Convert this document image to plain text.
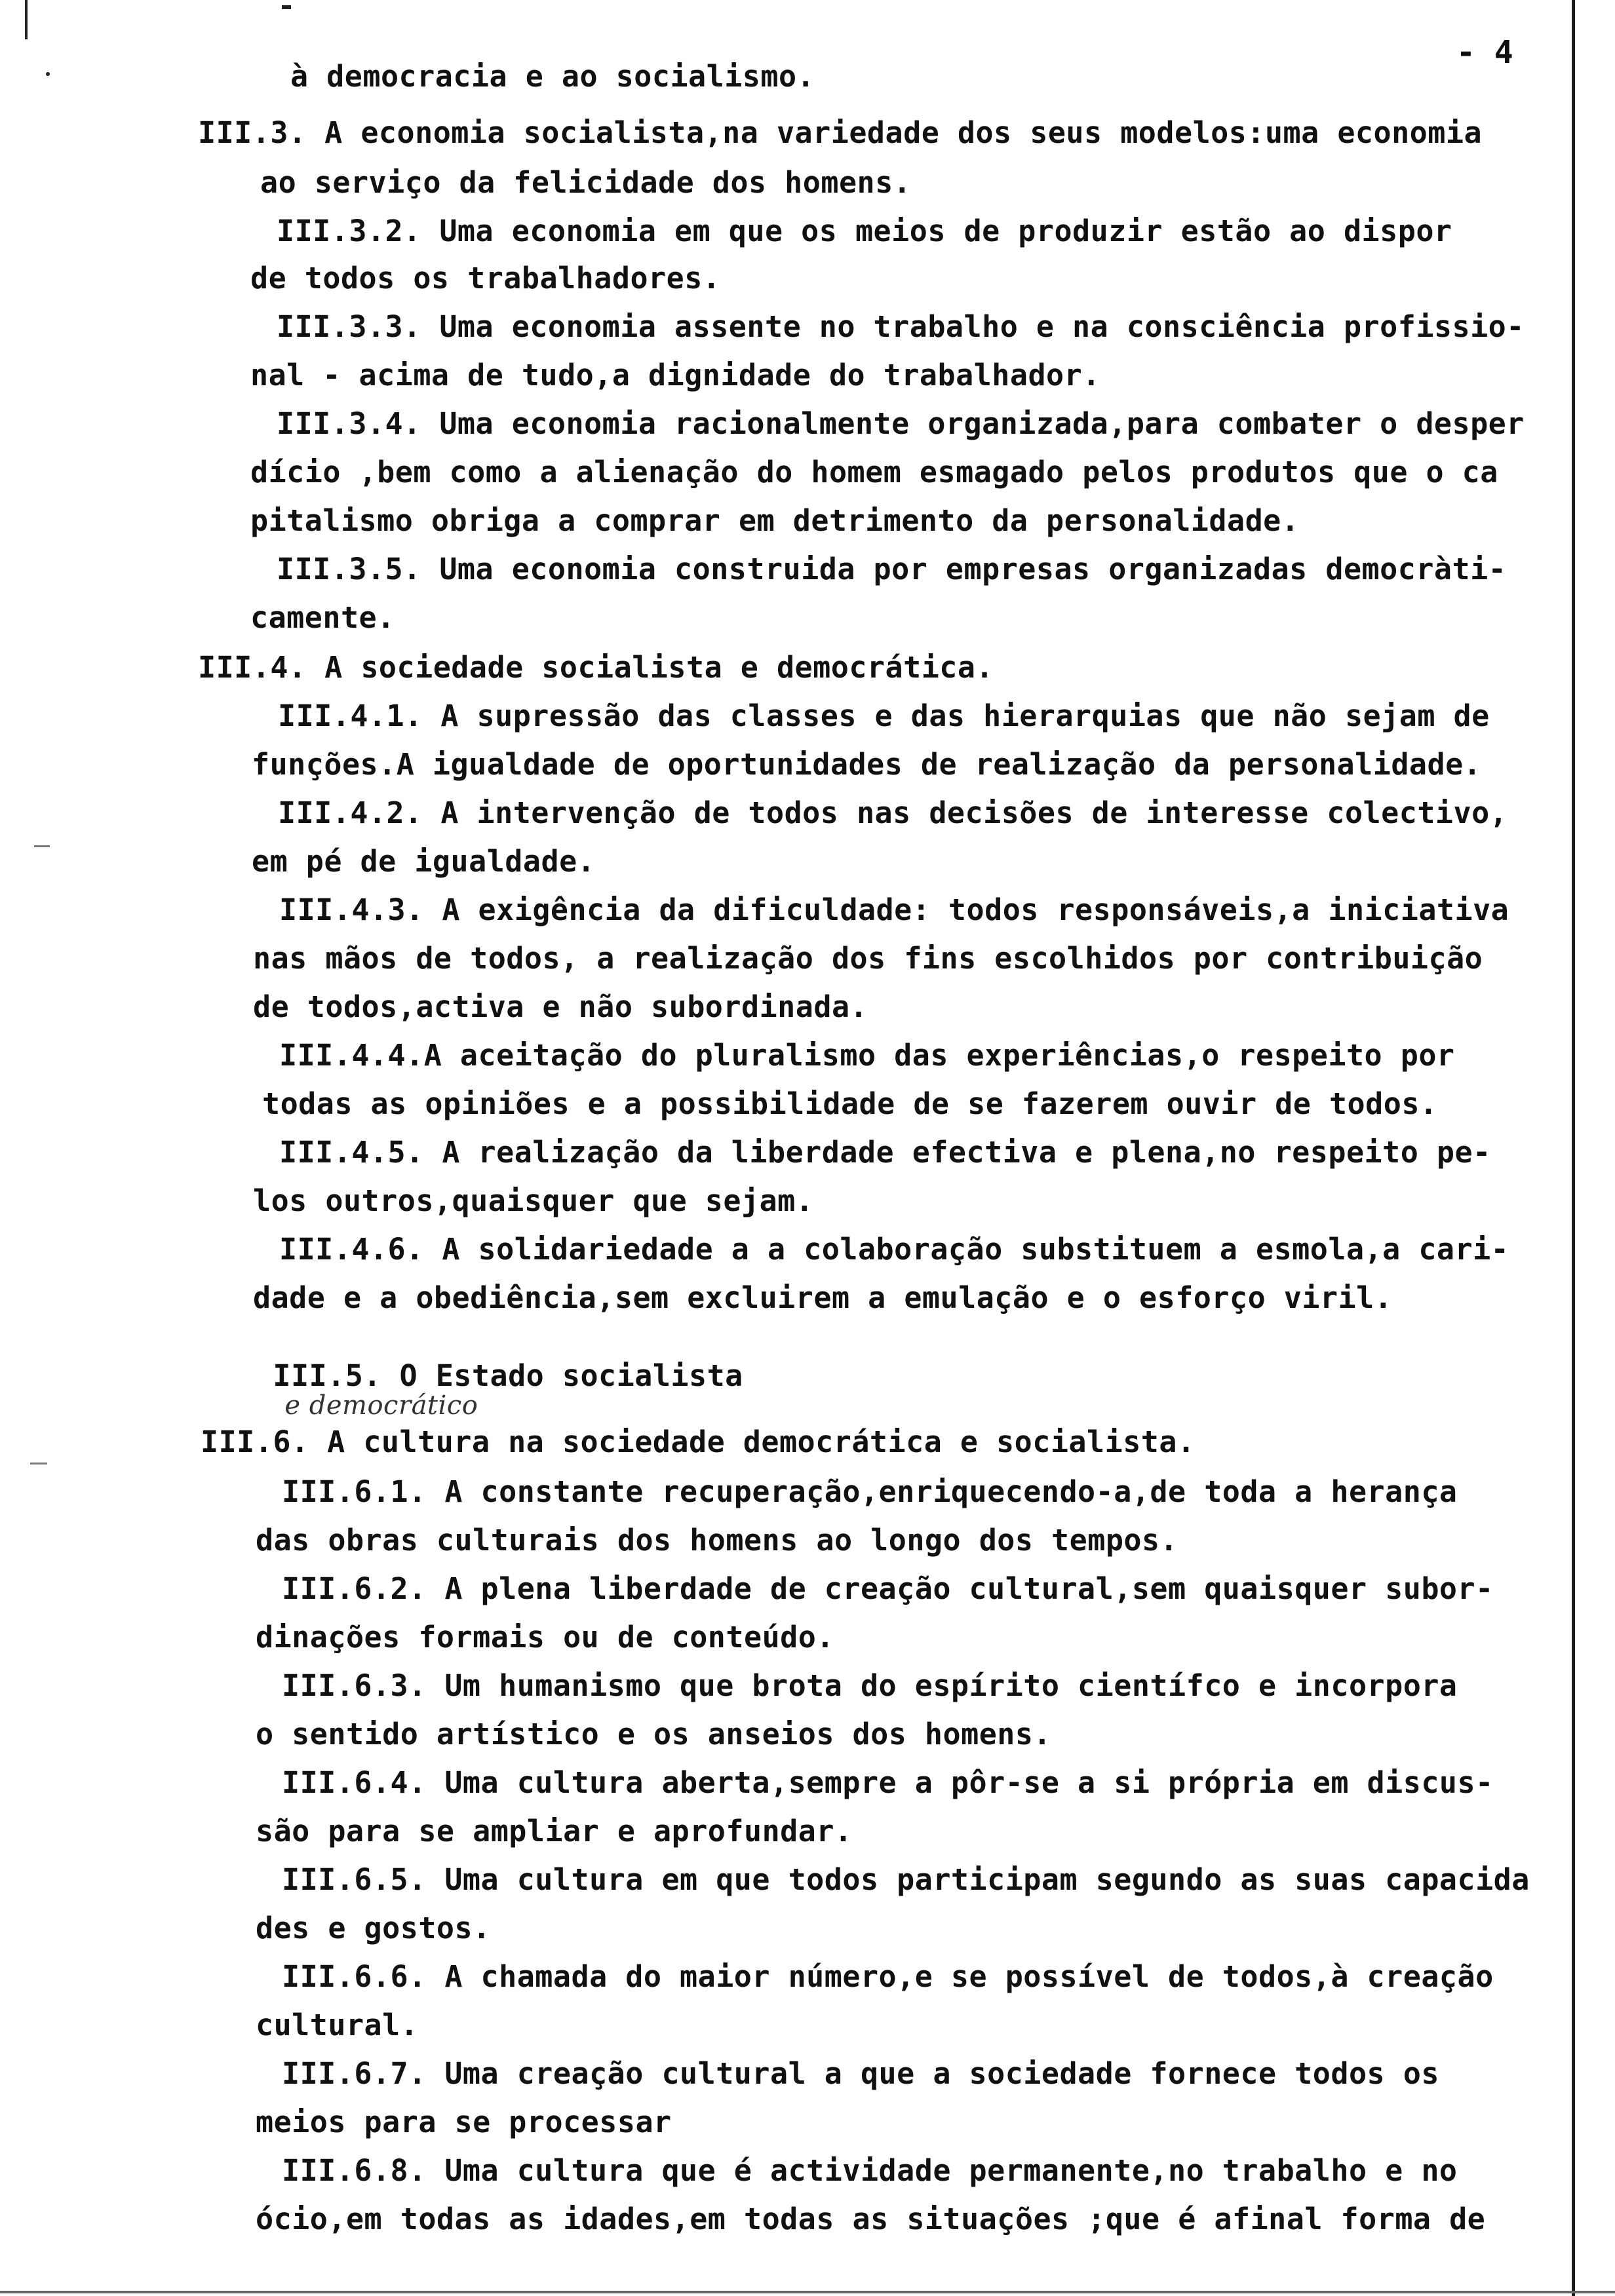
- 4
à democracia e ao socialismo.
III.3. A economia socialista,na variedade dos seus modelos:uma economia
ao serviço da felicidade dos homens.
III.3.2. Uma economia em que os meios de produzir estão ao dispor
de todos os trabalhadores.
III.3.3. Uma economia assente no trabalho e na consciência profissio-
nal - acima de tudo,a dignidade do trabalhador.
III.3.4. Uma economia racionalmente organizada,para combater o desper
dício ,bem como a alienação do homem esmagado pelos produtos que o ca
pitalismo obriga a comprar em detrimento da personalidade.
III.3.5. Uma economia construida por empresas organizadas democràti-
camente.
III.4. A sociedade socialista e democrática.
III.4.1. A supressão das classes e das hierarquias que não sejam de
funções.A igualdade de oportunidades de realização da personalidade.
III.4.2. A intervenção de todos nas decisões de interesse colectivo,
em pé de igualdade.
III.4.3. A exigência da dificuldade: todos responsáveis,a iniciativa
nas mãos de todos, a realização dos fins escolhidos por contribuição
de todos,activa e não subordinada.
III.4.4.A aceitação do pluralismo das experiências,o respeito por
todas as opiniões e a possibilidade de se fazerem ouvir de todos.
III.4.5. A realização da liberdade efectiva e plena,no respeito pe-
los outros,quaisquer que sejam.
III.4.6. A solidariedade a a colaboração substituem a esmola,a cari-
dade e a obediência,sem excluirem a emulação e o esforço viril.

III.5. O Estado socialista
e democrático

III.6. A cultura na sociedade democrática e socialista.
III.6.1. A constante recuperação,enriquecendo-a,de toda a herança
das obras culturais dos homens ao longo dos tempos.
III.6.2. A plena liberdade de creação cultural,sem quaisquer subor-
dinações formais ou de conteúdo.
III.6.3. Um humanismo que brota do espírito científco e incorpora
o sentido artístico e os anseios dos homens.
III.6.4. Uma cultura aberta,sempre a pôr-se a si própria em discus-
são para se ampliar e aprofundar.
III.6.5. Uma cultura em que todos participam segundo as suas capacida
des e gostos.
III.6.6. A chamada do maior número,e se possível de todos,à creação
cultural.
III.6.7. Uma creação cultural a que a sociedade fornece todos os
meios para se processar
III.6.8. Uma cultura que é actividade permanente,no trabalho e no
ócio,em todas as idades,em todas as situações ;que é afinal forma de
